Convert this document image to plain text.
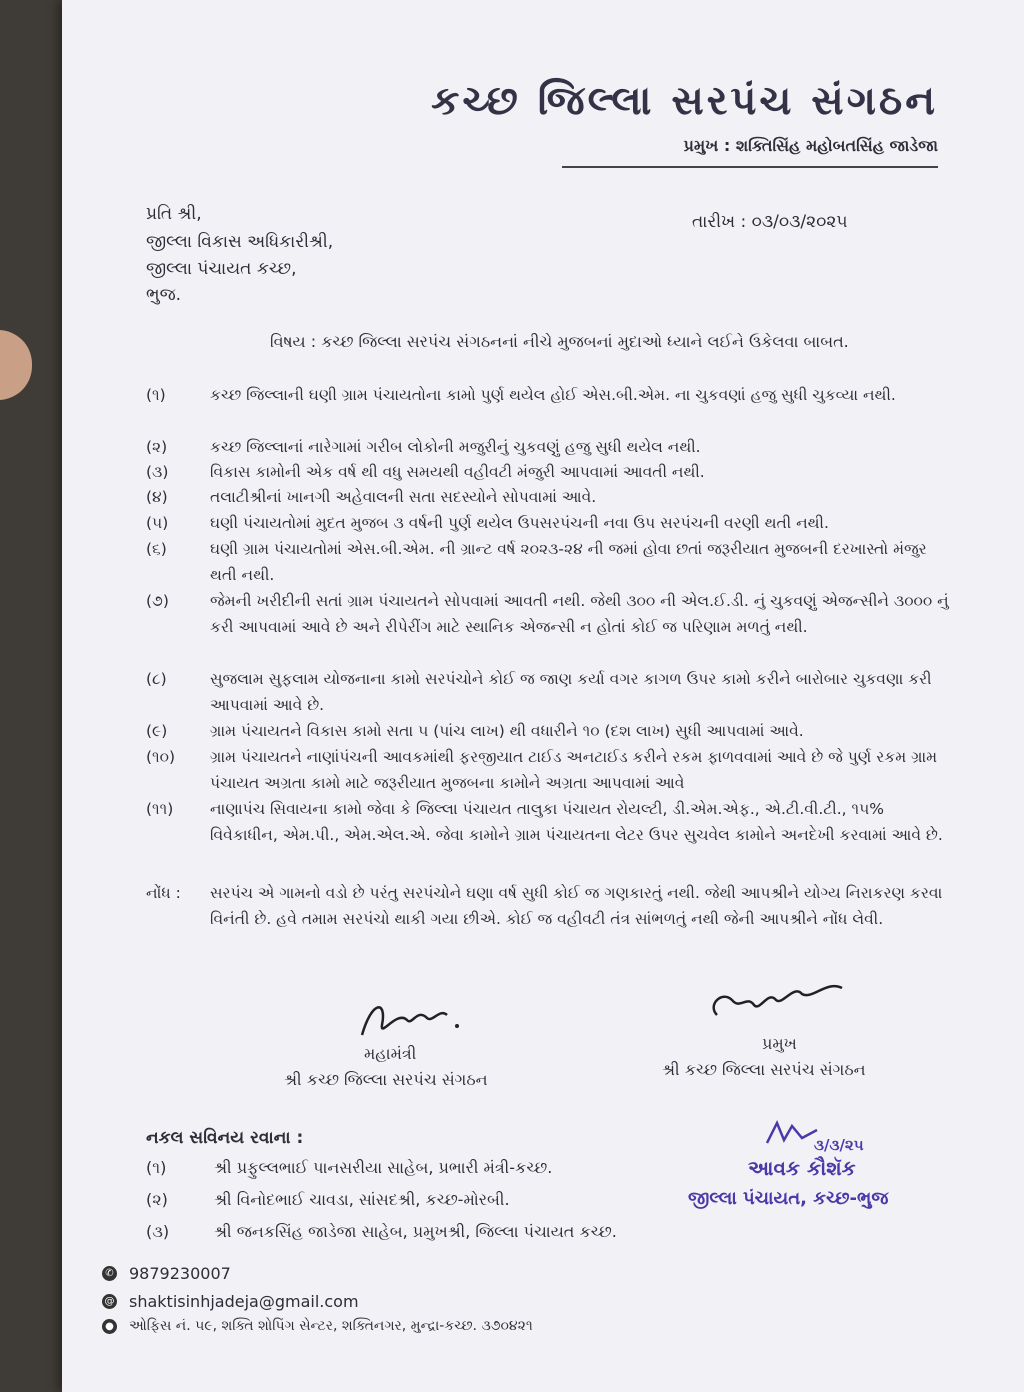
કચ્છ જિલ્લા સરપંચ સંગઠન
પ્રમુખ : શક્તિસિંહ મહોબતસિંહ જાડેજા
પ્રતિ શ્રી,
જીલ્લા વિકાસ અધિકારીશ્રી,
જીલ્લા પંચાયત કચ્છ,
ભુજ.
તારીખ : ૦૩/૦૩/૨૦૨૫
વિષય : કચ્છ જિલ્લા સરપંચ સંગઠનનાં નીચે મુજબનાં મુદાઓ ધ્યાને લઈને ઉકેલવા બાબત.
(૧)	કચ્છ જિલ્લાની ઘણી ગ્રામ પંચાયતોના કામો પુર્ણ થયેલ હોઈ એસ.બી.એમ. ના ચુકવણાં હજુ સુધી ચુકવ્યા નથી.
(૨)	કચ્છ જિલ્લાનાં નારેગામાં ગરીબ લોકોની મજુરીનું ચુકવણું હજુ સુધી થયેલ નથી.
(૩)	વિકાસ કામોની એક વર્ષ થી વધુ સમયથી વહીવટી મંજુરી આપવામાં આવતી નથી.
(૪)	તલાટીશ્રીનાં ખાનગી અહેવાલની સતા સદસ્યોને સોપવામાં આવે.
(૫)	ઘણી પંચાયતોમાં મુદત મુજબ ૩ વર્ષની પુર્ણ થયેલ ઉપસરપંચની નવા ઉપ સરપંચની વરણી થતી નથી.
(૬)	ઘણી ગ્રામ પંચાયતોમાં એસ.બી.એમ. ની ગ્રાન્ટ વર્ષ ૨૦૨૩-૨૪ ની જમાં હોવા છતાં જરૂરીયાત મુજબની દરખાસ્તો મંજુર થતી નથી.
(૭)	જેમની ખરીદીની સતાં ગ્રામ પંચાયતને સોપવામાં આવતી નથી. જેથી ૩૦૦ ની એલ.ઈ.ડી. નું ચુકવણું એજન્સીને ૩૦૦૦ નું કરી આપવામાં આવે છે અને રીપેરીંગ માટે સ્થાનિક એજન્સી ન હોતાં કોઈ જ પરિણામ મળતું નથી.
(૮)	સુજલામ સુફલામ યોજનાના કામો સરપંચોને કોઈ જ જાણ કર્યા વગર કાગળ ઉપર કામો કરીને બારોબાર ચુકવણા કરી આપવામાં આવે છે.
(૯)	ગ્રામ પંચાયતને વિકાસ કામો સતા ૫ (પાંચ લાખ) થી વધારીને ૧૦ (દશ લાખ) સુધી આપવામાં આવે.
(૧૦) ગ્રામ પંચાયતને નાણાંપંચની આવકમાંથી ફરજીયાત ટાઈડ અનટાઈડ કરીને રકમ ફાળવવામાં આવે છે જે પુર્ણ રકમ ગ્રામ પંચાયત અગ્રતા કામો માટે જરૂરીયાત મુજબના કામોને અગ્રતા આપવામાં આવે
(૧૧) નાણાપંચ સિવાયના કામો જેવા કે જિલ્લા પંચાયત તાલુકા પંચાયત રોયલ્ટી, ડી.એમ.એફ., એ.ટી.વી.ટી., ૧૫% વિવેકાધીન, એમ.પી., એમ.એલ.એ. જેવા કામોને ગ્રામ પંચાયતના લેટર ઉપર સુચવેલ કામોને અનદેખી કરવામાં આવે છે.
નોંધ : સરપંચ એ ગામનો વડો છે પરંતુ સરપંચોને ઘણા વર્ષ સુધી કોઈ જ ગણકારતું નથી. જેથી આપશ્રીને યોગ્ય નિરાકરણ કરવા વિનંતી છે. હવે તમામ સરપંચો થાકી ગયા છીએ. કોઈ જ વહીવટી તંત્ર સાંભળતું નથી જેની આપશ્રીને નોંધ લેવી.
મહામંત્રી
શ્રી કચ્છ જિલ્લા સરપંચ સંગઠન
પ્રમુખ
શ્રી કચ્છ જિલ્લા સરપંચ સંગઠન
નકલ સવિનય રવાના :
(૧)	શ્રી પ્રફુલ્લભાઈ પાનસરીયા સાહેબ, પ્રભારી મંત્રી-કચ્છ.
(૨)	શ્રી વિનોદભાઈ ચાવડા, સાંસદશ્રી, કચ્છ-મોરબી.
(૩)	શ્રી જનકસિંહ જાડેજા સાહેબ, પ્રમુખશ્રી, જિલ્લા પંચાયત કચ્છ.
૩/૩/૨૫
આવક કૌશૅક
જીલ્લા પંચાયત, કચ્છ-ભુજ
✆ 9879230007
@ shaktisinhjadeja@gmail.com
● ઓફિસ નં. ૫૯, શક્તિ શોપિંગ સેન્ટર, શક્તિનગર, મુન્દ્રા-કચ્છ. ૩૭૦૪૨૧
